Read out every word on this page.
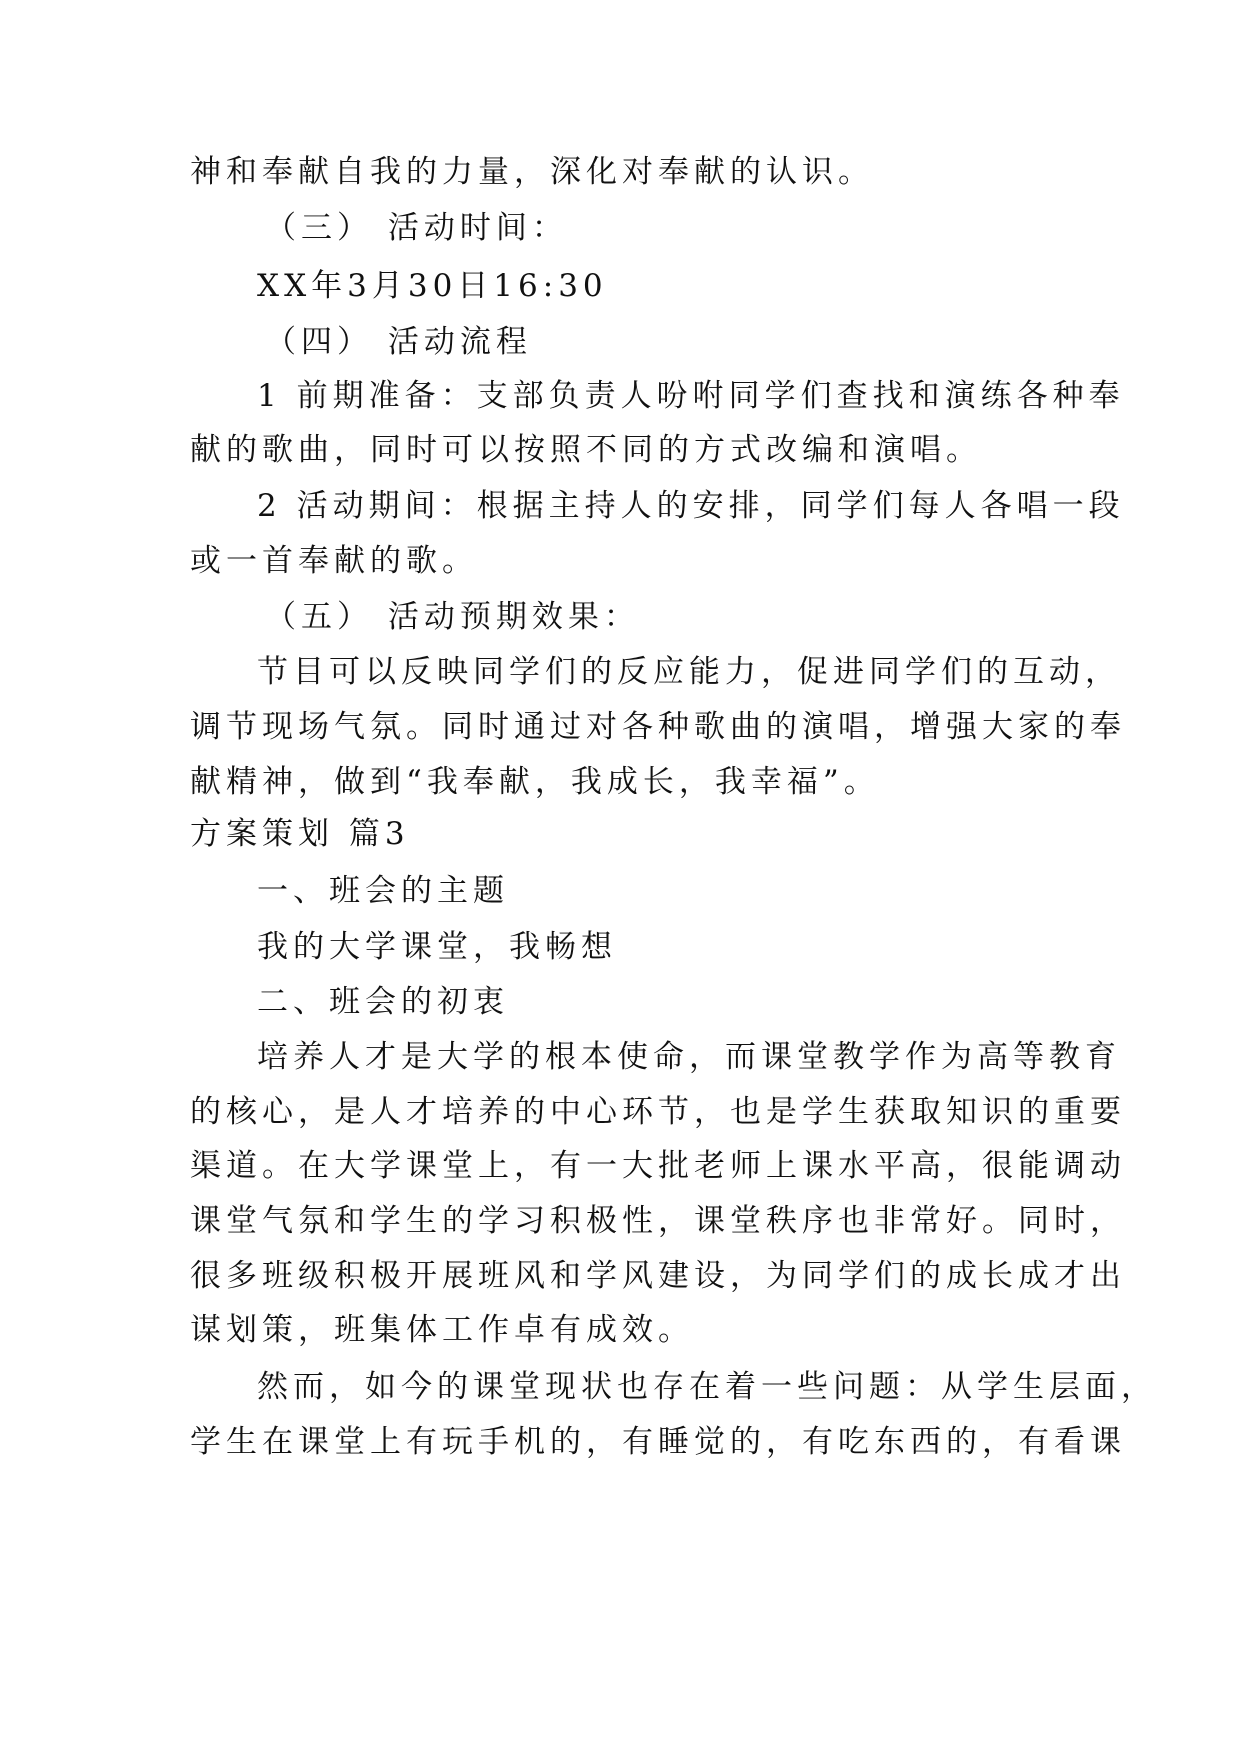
神和奉献自我的力量，深化对奉献的认识。

（三） 活动时间：

XX年3月30日16:30

（四） 活动流程

1 前期准备：支部负责人吩咐同学们查找和演练各种奉

献的歌曲，同时可以按照不同的方式改编和演唱。

2 活动期间：根据主持人的安排，同学们每人各唱一段

或一首奉献的歌。

（五） 活动预期效果：

节目可以反映同学们的反应能力，促进同学们的互动，

调节现场气氛。同时通过对各种歌曲的演唱，增强大家的奉

献精神，做到“我奉献，我成长，我幸福”。

方案策划 篇3

一、班会的主题

我的大学课堂，我畅想

二、班会的初衷

培养人才是大学的根本使命，而课堂教学作为高等教育

的核心，是人才培养的中心环节，也是学生获取知识的重要

渠道。在大学课堂上，有一大批老师上课水平高，很能调动

课堂气氛和学生的学习积极性，课堂秩序也非常好。同时，

很多班级积极开展班风和学风建设，为同学们的成长成才出

谋划策，班集体工作卓有成效。

然而，如今的课堂现状也存在着一些问题：从学生层面，

学生在课堂上有玩手机的，有睡觉的，有吃东西的，有看课
